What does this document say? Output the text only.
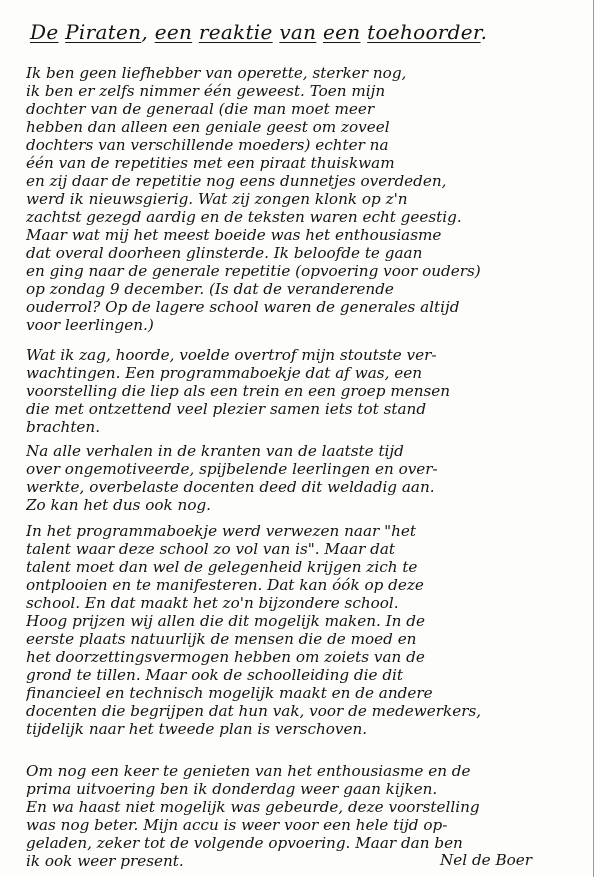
De Piraten, een reaktie van een toehoorder.
Ik ben geen liefhebber van operette, sterker nog,
ik ben er zelfs nimmer één geweest. Toen mijn
dochter van de generaal (die man moet meer
hebben dan alleen een geniale geest om zoveel
dochters van verschillende moeders) echter na
één van de repetities met een piraat thuiskwam
en zij daar de repetitie nog eens dunnetjes overdeden,
werd ik nieuwsgierig. Wat zij zongen klonk op z'n
zachtst gezegd aardig en de teksten waren echt geestig.
Maar wat mij het meest boeide was het enthousiasme
dat overal doorheen glinsterde. Ik beloofde te gaan
en ging naar de generale repetitie (opvoering voor ouders)
op zondag 9 december. (Is dat de veranderende
ouderrol? Op de lagere school waren de generales altijd
voor leerlingen.)
Wat ik zag, hoorde, voelde overtrof mijn stoutste ver-
wachtingen. Een programmaboekje dat af was, een
voorstelling die liep als een trein en een groep mensen
die met ontzettend veel plezier samen iets tot stand
brachten.
Na alle verhalen in de kranten van de laatste tijd
over ongemotiveerde, spijbelende leerlingen en over-
werkte, overbelaste docenten deed dit weldadig aan.
Zo kan het dus ook nog.
In het programmaboekje werd verwezen naar "het
talent waar deze school zo vol van is". Maar dat
talent moet dan wel de gelegenheid krijgen zich te
ontplooien en te manifesteren. Dat kan óók op deze
school. En dat maakt het zo'n bijzondere school.
Hoog prijzen wij allen die dit mogelijk maken. In de
eerste plaats natuurlijk de mensen die de moed en
het doorzettingsvermogen hebben om zoiets van de
grond te tillen. Maar ook de schoolleiding die dit
financieel en technisch mogelijk maakt en de andere
docenten die begrijpen dat hun vak, voor de medewerkers,
tijdelijk naar het tweede plan is verschoven.
Om nog een keer te genieten van het enthousiasme en de
prima uitvoering ben ik donderdag weer gaan kijken.
En wa haast niet mogelijk was gebeurde, deze voorstelling
was nog beter. Mijn accu is weer voor een hele tijd op-
geladen, zeker tot de volgende opvoering. Maar dan ben
ik ook weer present.	Nel de Boer
